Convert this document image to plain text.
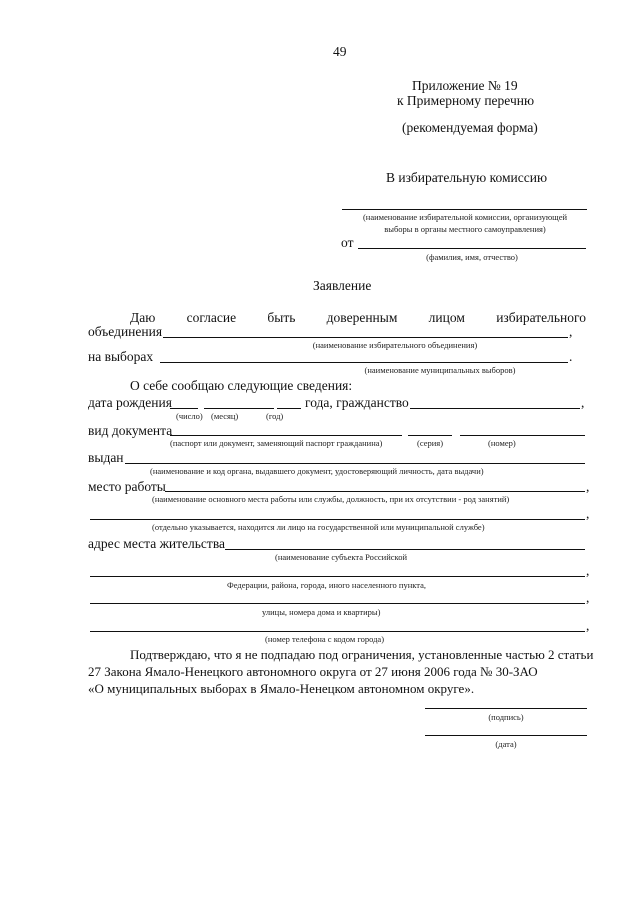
49
Приложение № 19
к Примерному перечню
(рекомендуемая форма)
В избирательную комиссию
(наименование избирательной комиссии, организующей
выборы в органы местного самоуправления)
от
(фамилия, имя, отчество)
Заявление
Даю согласие быть доверенным лицом избирательного
объединения	,
(наименование избирательного объединения)
на выборах	.
(наименование муниципальных выборов)
О себе сообщаю следующие сведения:
дата рождения	года, гражданство	,
(число) (месяц)	(год)
вид документа
(паспорт или документ, заменяющий паспорт гражданина)	(серия)	(номер)
выдан
(наименование и код органа, выдавшего документ, удостоверяющий личность, дата выдачи)
место работы	,
(наименование основного места работы или службы, должность, при их отсутствии - род занятий)
,
(отдельно указывается, находится ли лицо на государственной или муниципальной службе)
адрес места жительства
(наименование субъекта Российской
,
Федерации, района, города, иного населенного пункта,
,
улицы, номера дома и квартиры)
,
(номер телефона с кодом города)
Подтверждаю, что я не подпадаю под ограничения, установленные частью 2 статьи
27 Закона Ямало-Ненецкого автономного округа от 27 июня 2006 года № 30-ЗАО
«О муниципальных выборах в Ямало-Ненецком автономном округе».
(подпись)
(дата)
